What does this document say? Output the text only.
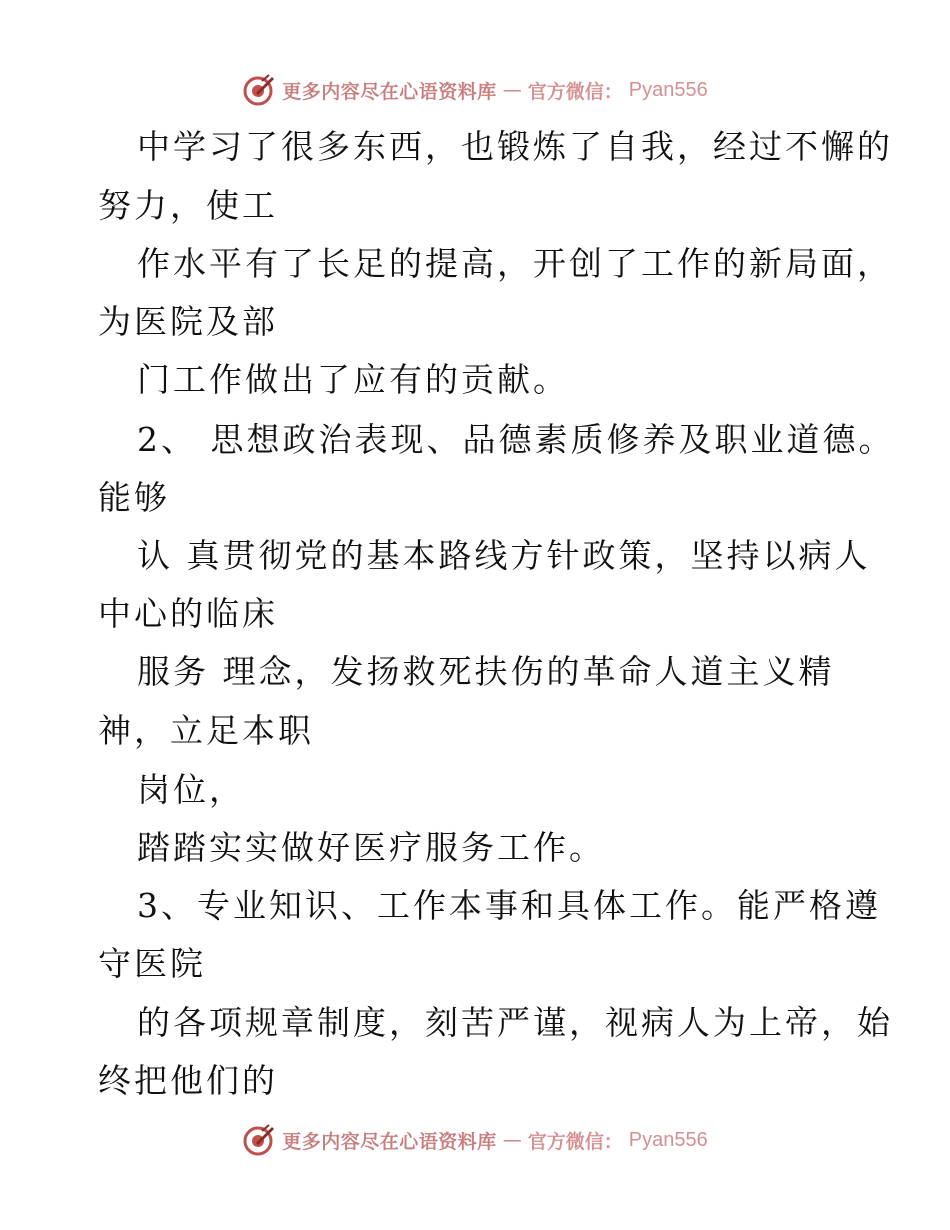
更多内容尽在心语资料库 — 官方微信： Pyan556
中学习了很多东西，也锻炼了自我，经过不懈的
努力，使工
作水平有了长足的提高，开创了工作的新局面，
为医院及部
门工作做出了应有的贡献。
2、 思想政治表现、品德素质修养及职业道德。
能够
认 真贯彻党的基本路线方针政策，坚持以病人
中心的临床
服务 理念，发扬救死扶伤的革命人道主义精
神，立足本职
岗位，
踏踏实实做好医疗服务工作。
3、专业知识、工作本事和具体工作。能严格遵
守医院
的各项规章制度，刻苦严谨，视病人为上帝，始
终把他们的
更多内容尽在心语资料库 — 官方微信： Pyan556
